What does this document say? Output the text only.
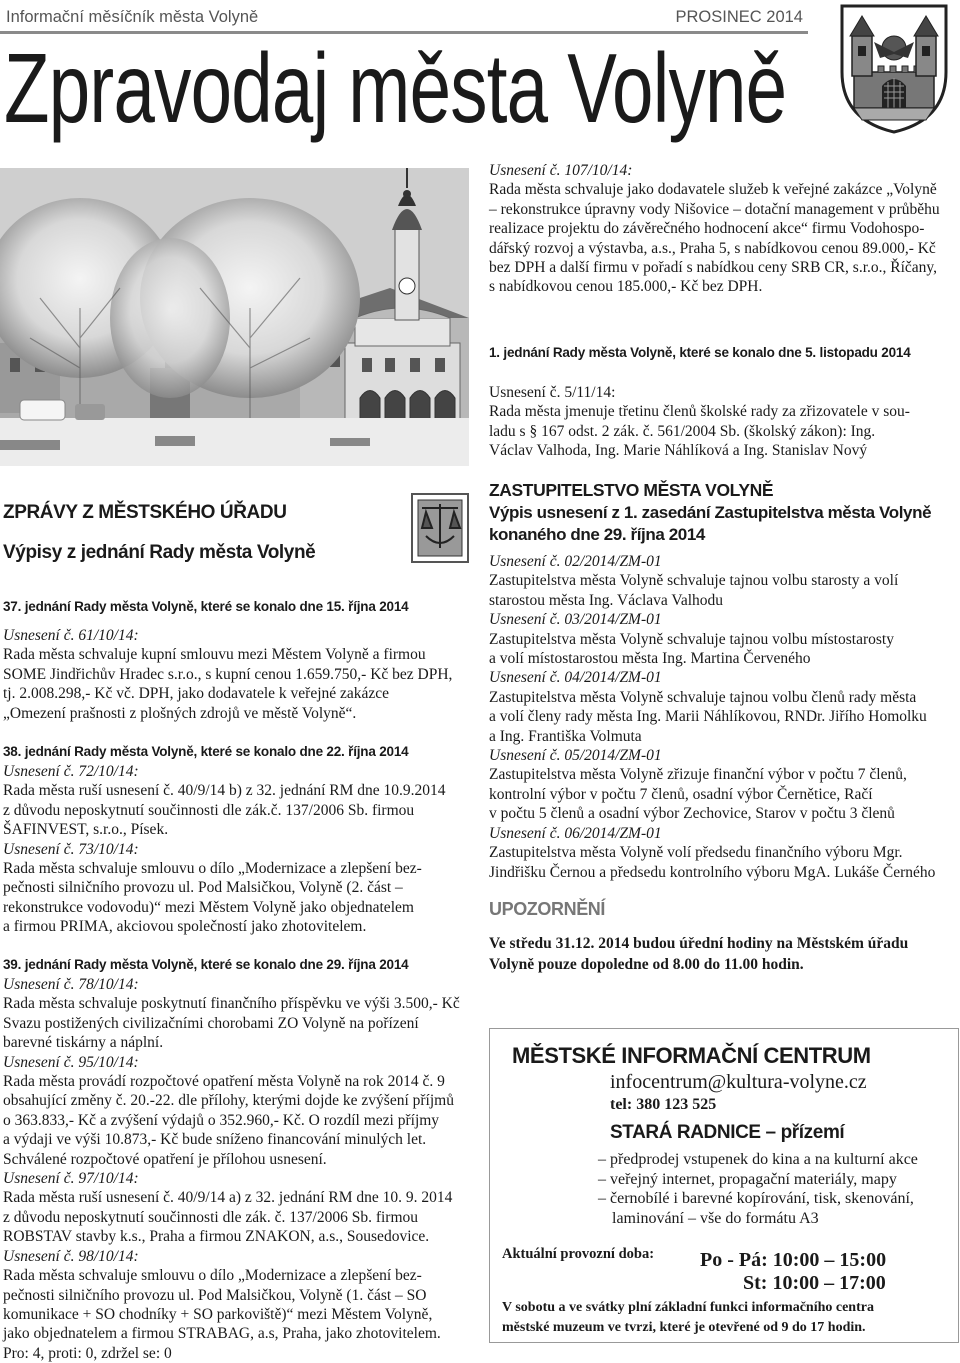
Informační měsíčník města Volyně	PROSINEC 2014
Zpravodaj města Volyně

Usnesení č. 107/10/14:

Rada města schvaluje jako dodavatele služeb k veřejné zakázce „Volyně

– rekonstrukce úpravny vody Nišovice – dotační management v průběhu

realizace projektu do závěrečného hodnocení akce“ firmu Vodohospo-

dářský rozvoj a výstavba, a.s., Praha 5, s nabídkovou cenou 89.000,- Kč

bez DPH a další firmu v pořadí s nabídkou ceny SRB CR, s.r.o., Říčany,

s nabídkovou cenou 185.000,- Kč bez DPH.

1. jednání Rady města Volyně, které se konalo dne 5. listopadu 2014

Usnesení č. 5/11/14:

Rada města jmenuje třetinu členů školské rady za zřizovatele v sou-

ladu s § 167 odst. 2 zák. č. 561/2004 Sb. (školský zákon): Ing.

Václav Valhoda, Ing. Marie Náhlíková a Ing. Stanislav Nový

ZPRÁVY Z MĚSTSKÉHO ÚŘADU
Výpisy z jednání Rady města Volyně
37. jednání Rady města Volyně, které se konalo dne 15. října 2014

Usnesení č. 61/10/14:

Rada města schvaluje kupní smlouvu mezi Městem Volyně a firmou

SOME Jindřichův Hradec s.r.o., s kupní cenou 1.659.750,- Kč bez DPH,

tj. 2.008.298,- Kč vč. DPH, jako dodavatele k veřejné zakázce

„Omezení prašnosti z plošných zdrojů ve městě Volyně“.

38. jednání Rady města Volyně, které se konalo dne 22. října 2014

Usnesení č. 72/10/14:

Rada města ruší usnesení č. 40/9/14 b) z 32. jednání RM dne 10.9.2014

z důvodu neposkytnutí součinnosti dle zák.č. 137/2006 Sb. firmou

ŠAFINVEST, s.r.o., Písek.

Usnesení č. 73/10/14:

Rada města schvaluje smlouvu o dílo „Modernizace a zlepšení bez-

pečnosti silničního provozu ul. Pod Malsičkou, Volyně (2. část –

rekonstrukce vodovodu)“ mezi Městem Volyně jako objednatelem

a firmou PRIMA, akciovou společností jako zhotovitelem.

39. jednání Rady města Volyně, které se konalo dne 29. října 2014

Usnesení č. 78/10/14:

Rada města schvaluje poskytnutí finančního příspěvku ve výši 3.500,- Kč

Svazu postižených civilizačními chorobami ZO Volyně na pořízení

barevné tiskárny a náplní.

Usnesení č. 95/10/14:

Rada města provádí rozpočtové opatření města Volyně na rok 2014 č. 9

obsahující změny č. 20.-22. dle přílohy, kterými dojde ke zvýšení příjmů

o 363.833,- Kč a zvýšení výdajů o 352.960,- Kč. O rozdíl mezi příjmy

a výdaji ve výši 10.873,- Kč bude sníženo financování minulých let.

Schválené rozpočtové opatření je přílohou usnesení.

Usnesení č. 97/10/14:

Rada města ruší usnesení č. 40/9/14 a) z 32. jednání RM dne 10. 9. 2014

z důvodu neposkytnutí součinnosti dle zák. č. 137/2006 Sb. firmou

ROBSTAV stavby k.s., Praha a firmou ZNAKON, a.s., Sousedovice.

Usnesení č. 98/10/14:

Rada města schvaluje smlouvu o dílo „Modernizace a zlepšení bez-

pečnosti silničního provozu ul. Pod Malsičkou, Volyně (1. část – SO

komunikace + SO chodníky + SO parkoviště)“ mezi Městem Volyně,

jako objednatelem a firmou STRABAG, a.s, Praha, jako zhotovitelem.

Pro: 4, proti: 0, zdržel se: 0

ZASTUPITELSTVO MĚSTA VOLYNĚ
Výpis usnesení z 1. zasedání Zastupitelstva města Volyně
konaného dne 29. října 2014

Usnesení č. 02/2014/ZM-01

Zastupitelstva města Volyně schvaluje tajnou volbu starosty a volí

starostou města Ing. Václava Valhodu

Usnesení č. 03/2014/ZM-01

Zastupitelstva města Volyně schvaluje tajnou volbu místostarosty

a volí místostarostou města Ing. Martina Červeného

Usnesení č. 04/2014/ZM-01

Zastupitelstva města Volyně schvaluje tajnou volbu členů rady města

a volí členy rady města Ing. Marii Náhlíkovou, RNDr. Jiřího Homolku

a Ing. Františka Volmuta

Usnesení č. 05/2014/ZM-01

Zastupitelstva města Volyně zřizuje finanční výbor v počtu 7 členů,

kontrolní výbor v počtu 7 členů, osadní výbor Černětice, Račí

v počtu 5 členů a osadní výbor Zechovice, Starov v počtu 3 členů

Usnesení č. 06/2014/ZM-01

Zastupitelstva města Volyně volí předsedu finančního výboru Mgr.

Jindřišku Černou a předsedu kontrolního výboru MgA. Lukáše Černého

UPOZORNĚNÍ
Ve středu 31.12. 2014 budou úřední hodiny na Městském úřadu
Volyně pouze dopoledne od 8.00 do 11.00 hodin.
MĚSTSKÉ INFORMAČNÍ CENTRUM
infocentrum@kultura-volyne.cz
tel: 380 123 525
STARÁ RADNICE – přízemí
– předprodej vstupenek do kina a na kulturní akce
– veřejný internet, propagační materiály, mapy
– černobílé i barevné kopírování, tisk, skenování,
laminování – vše do formátu A3
Aktuální provozní doba: Po - Pá: 10:00 – 15:00
St: 10:00 – 17:00
V sobotu a ve svátky plní základní funkci informačního centra
městské muzeum ve tvrzi, které je otevřené od 9 do 17 hodin.
